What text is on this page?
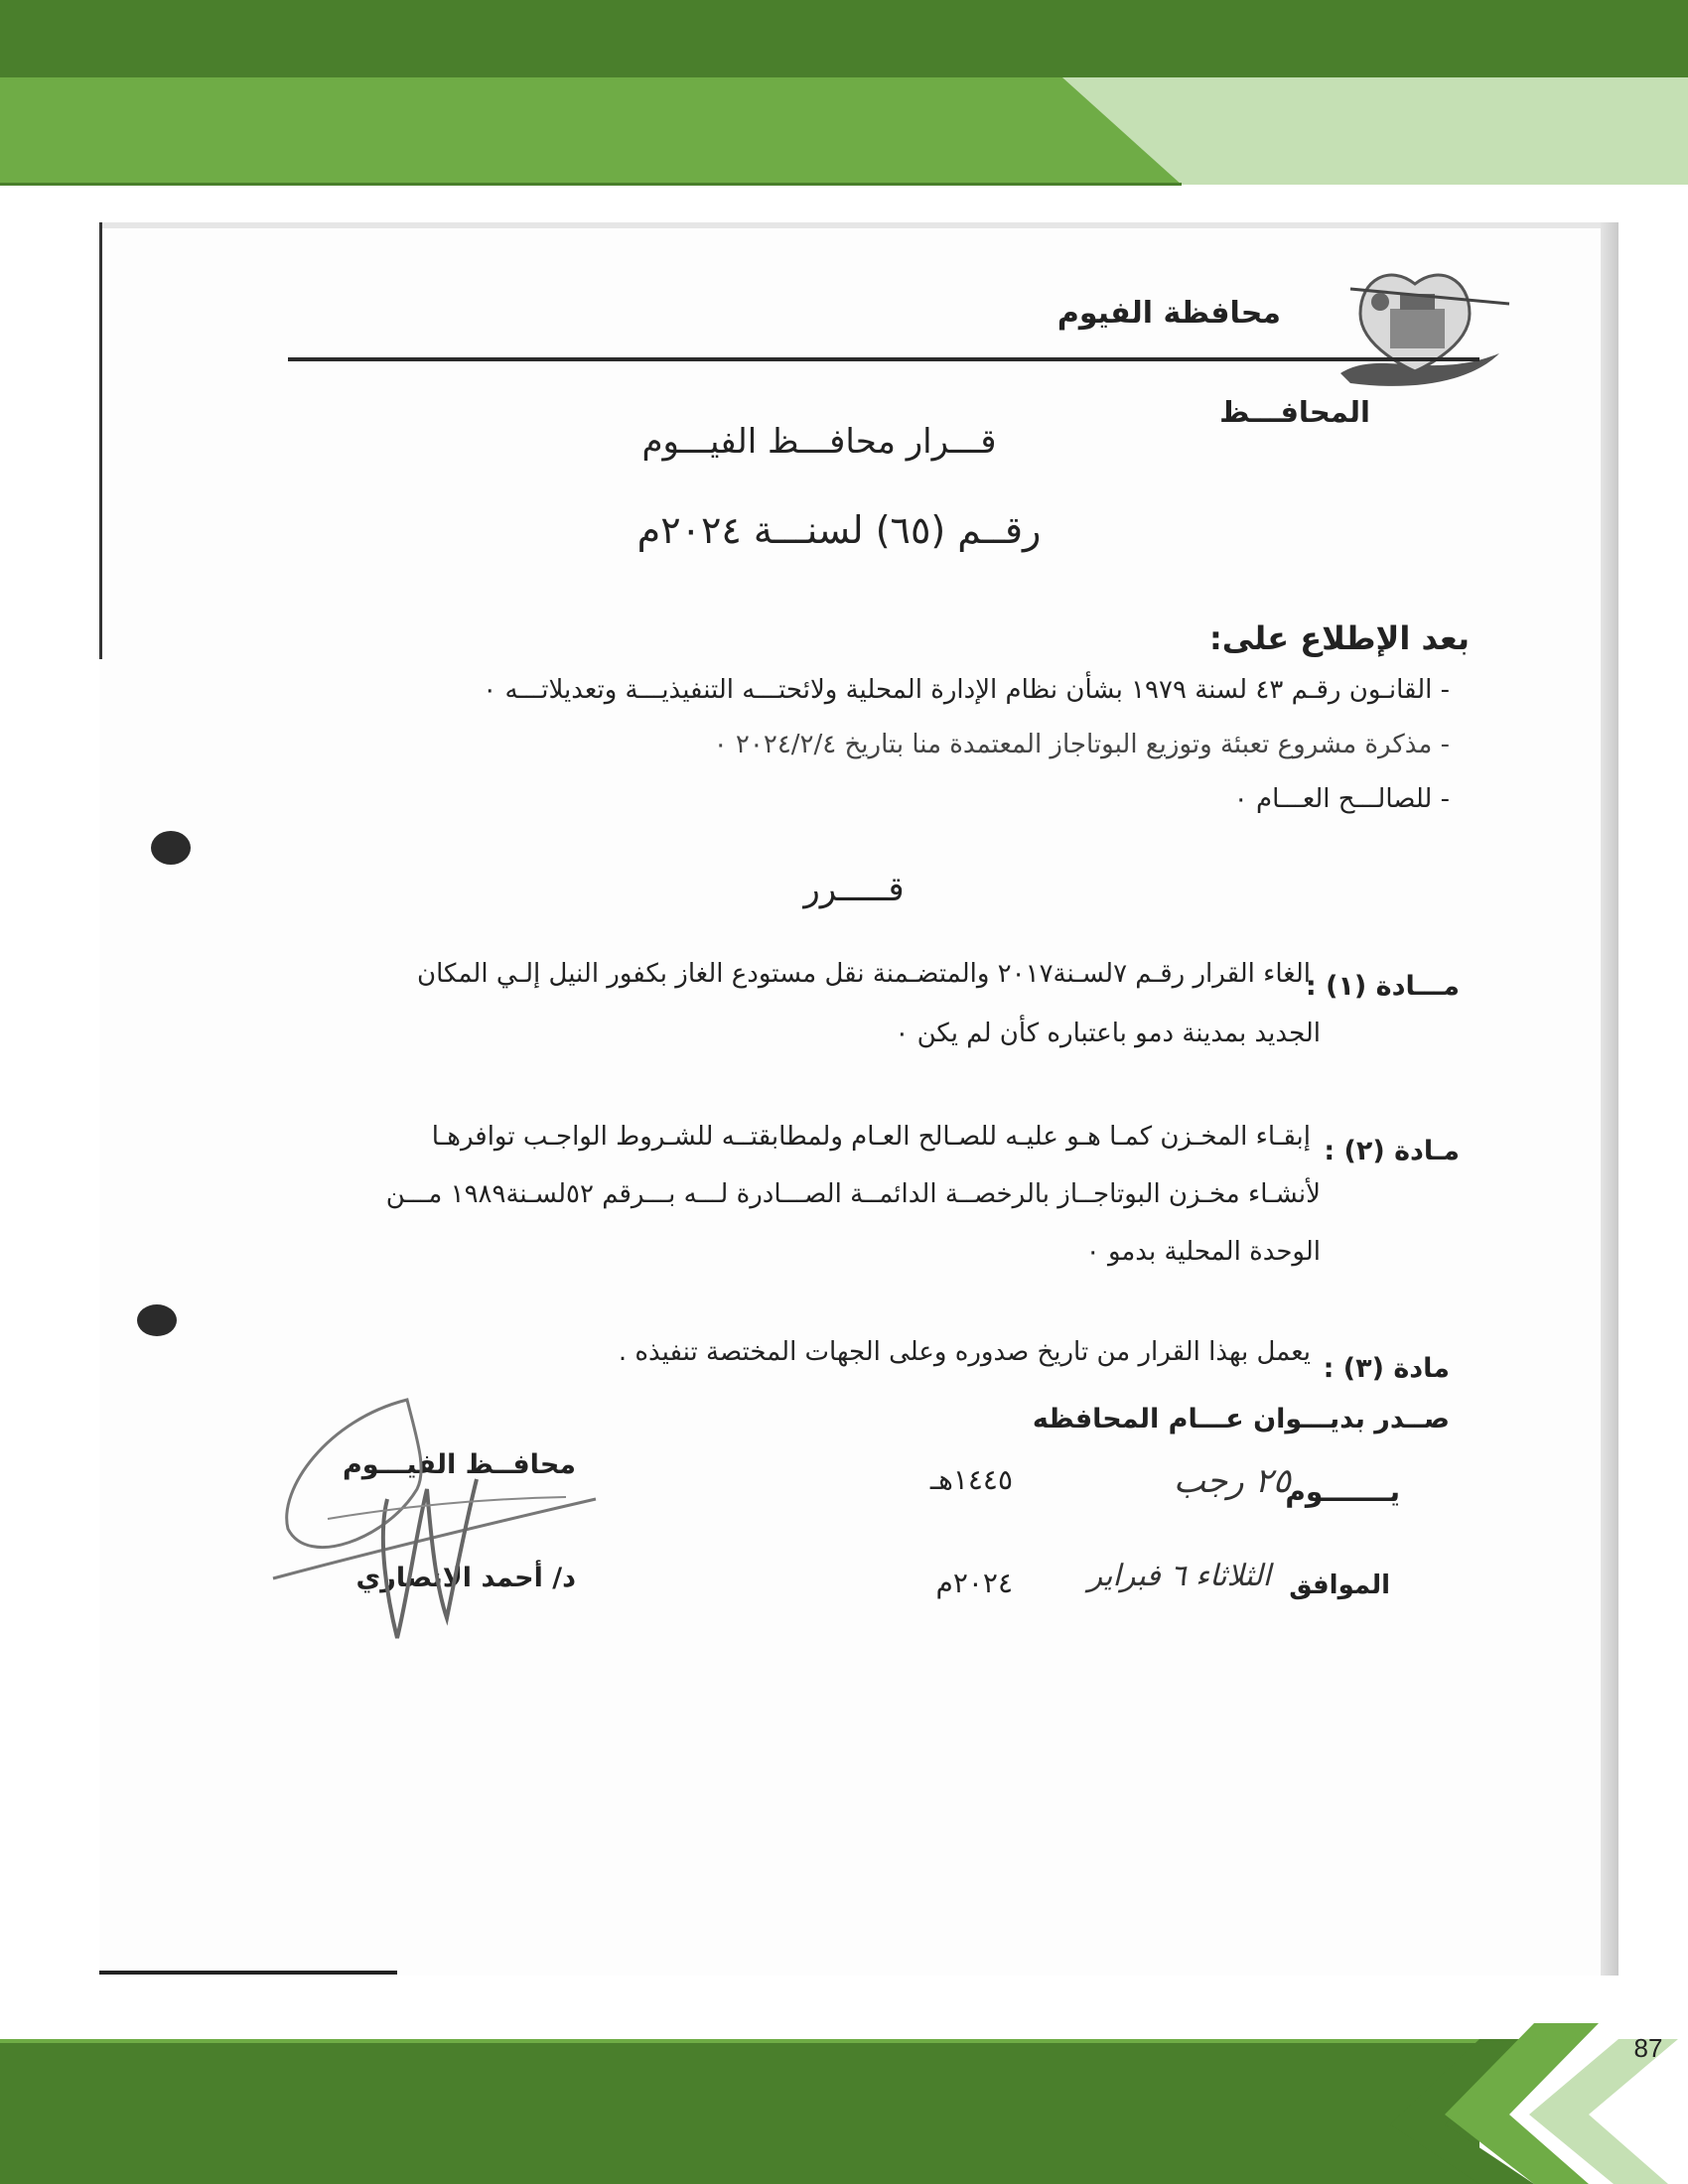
محافظة الفيوم
المحافـــظ
قـــرار محافـــظ الفيـــوم
رقــم (٦٥) لسنـــة ٢٠٢٤م
بعد الإطلاع على:
- القانـون رقـم ٤٣ لسنة ١٩٧٩ بشأن نظام الإدارة المحلية ولائحتـــه التنفيذيـــة وتعديلاتـــه ٠
- مذكرة مشروع تعبئة وتوزيع البوتاجاز المعتمدة منا بتاريخ ٢٠٢٤/٢/٤ ٠
- للصالـــح العـــام ٠
قـــــرر
مـــادة (١) :
الغاء القرار رقـم ٧لسـنة٢٠١٧ والمتضـمنة نقل مستودع الغاز بكفور النيل إلـي المكان
الجديد بمدينة دمو باعتباره كأن لم يكن ٠
مـادة (٢) :
إبقـاء المخـزن كمـا هـو عليـه للصـالح العـام ولمطابقتــه للشـروط الواجـب توافرهـا
لأنشـاء مخـزن البوتاجــاز بالرخصــة الدائمــة الصـــادرة لـــه بـــرقم ٥٢لسـنة١٩٨٩ مـــن
الوحدة المحلية بدمو ٠
مادة (٣) :
يعمل بهذا القرار من تاريخ صدوره وعلى الجهات المختصة تنفيذه .
صــدر بديـــوان عـــام المحافظه
محافــظ الفيـــوم
د/ أحمد الانصاري
يـــــــوم
٢٥ رجب
١٤٤٥هـ
الموافق
الثلاثاء ٦ فبراير
٢٠٢٤م
87
